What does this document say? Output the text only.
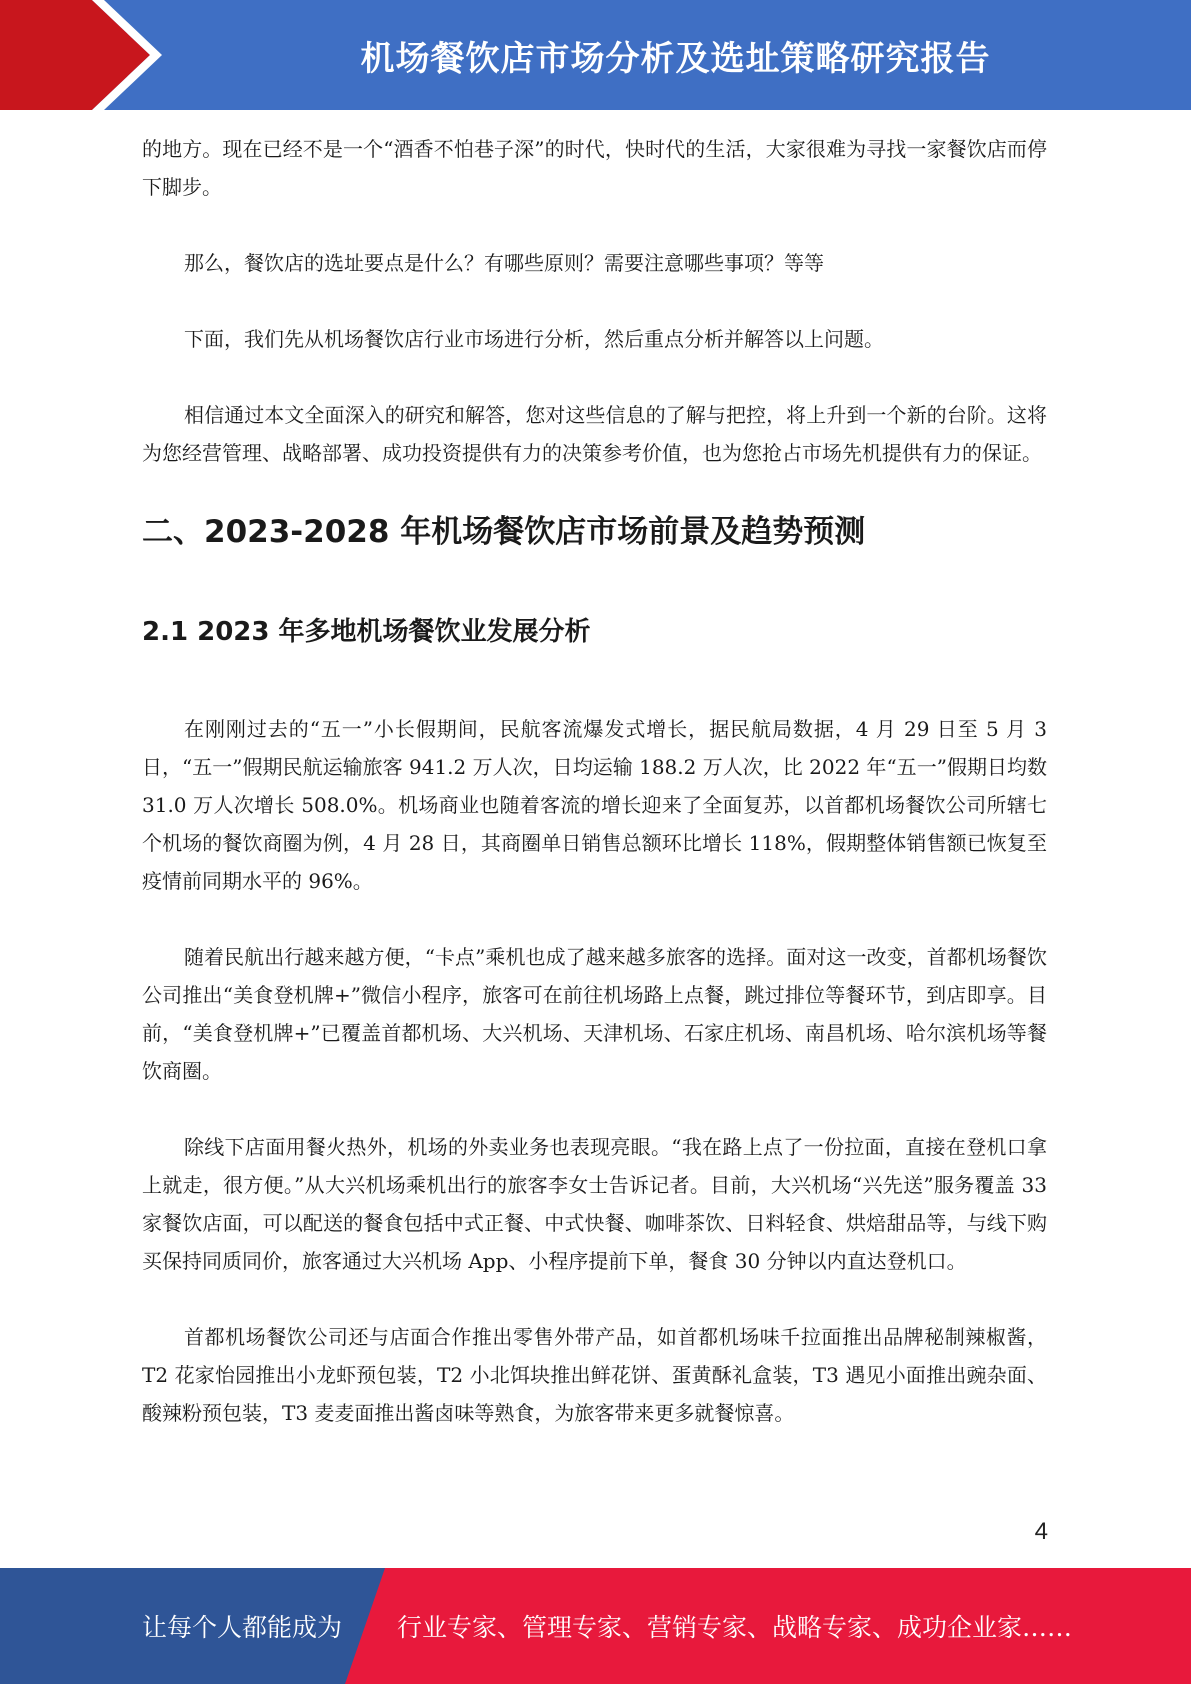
机场餐饮店市场分析及选址策略研究报告

的地方。现在已经不是一个“酒香不怕巷子深”的时代，快时代的生活，大家很难为寻找一家餐饮店而停下脚步。

那么，餐饮店的选址要点是什么？有哪些原则？需要注意哪些事项？等等

下面，我们先从机场餐饮店行业市场进行分析，然后重点分析并解答以上问题。

相信通过本文全面深入的研究和解答，您对这些信息的了解与把控，将上升到一个新的台阶。这将为您经营管理、战略部署、成功投资提供有力的决策参考价值，也为您抢占市场先机提供有力的保证。

二、2023-2028 年机场餐饮店市场前景及趋势预测
2.1 2023 年多地机场餐饮业发展分析

在刚刚过去的“五一”小长假期间，民航客流爆发式增长，据民航局数据，4 月 29 日至 5 月 3 日，“五一”假期民航运输旅客 941.2 万人次，日均运输 188.2 万人次，比 2022 年“五一”假期日均数 31.0 万人次增长 508.0%。机场商业也随着客流的增长迎来了全面复苏，以首都机场餐饮公司所辖七个机场的餐饮商圈为例，4 月 28 日，其商圈单日销售总额环比增长 118%，假期整体销售额已恢复至疫情前同期水平的 96%。

随着民航出行越来越方便，“卡点”乘机也成了越来越多旅客的选择。面对这一改变，首都机场餐饮公司推出“美食登机牌+”微信小程序，旅客可在前往机场路上点餐，跳过排位等餐环节，到店即享。目前，“美食登机牌+”已覆盖首都机场、大兴机场、天津机场、石家庄机场、南昌机场、哈尔滨机场等餐饮商圈。

除线下店面用餐火热外，机场的外卖业务也表现亮眼。“我在路上点了一份拉面，直接在登机口拿上就走，很方便。”从大兴机场乘机出行的旅客李女士告诉记者。目前，大兴机场“兴先送”服务覆盖 33 家餐饮店面，可以配送的餐食包括中式正餐、中式快餐、咖啡茶饮、日料轻食、烘焙甜品等，与线下购买保持同质同价，旅客通过大兴机场 App、小程序提前下单，餐食 30 分钟以内直达登机口。

首都机场餐饮公司还与店面合作推出零售外带产品，如首都机场味千拉面推出品牌秘制辣椒酱，T2 花家怡园推出小龙虾预包装，T2 小北饵块推出鲜花饼、蛋黄酥礼盒装，T3 遇见小面推出豌杂面、酸辣粉预包装，T3 麦麦面推出酱卤味等熟食，为旅客带来更多就餐惊喜。

4
让每个人都能成为 行业专家、管理专家、营销专家、战略专家、成功企业家……
